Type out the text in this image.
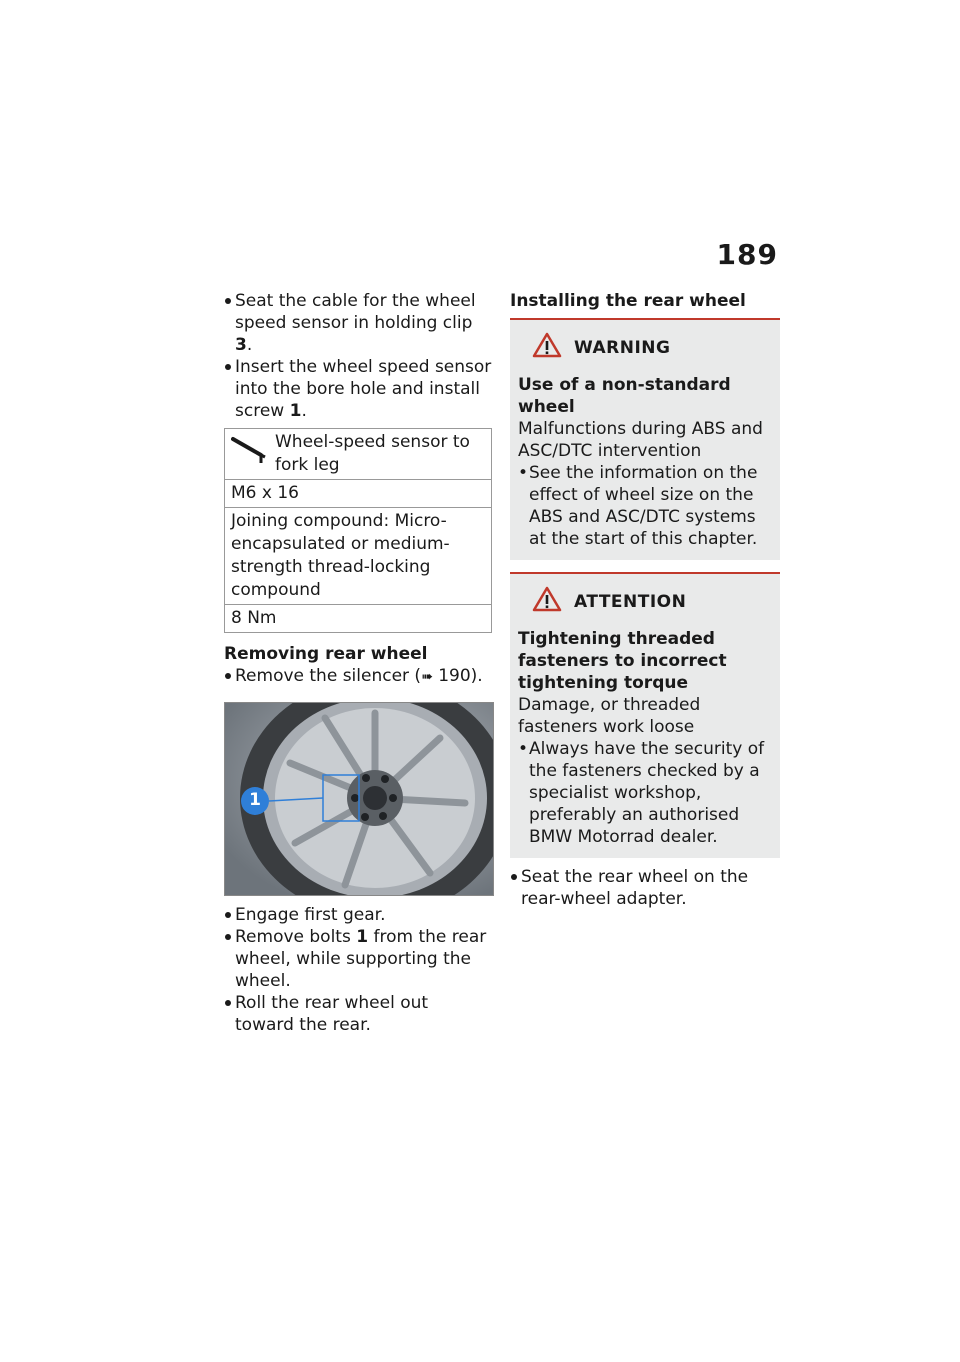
189
Seat the cable for the wheel speed sensor in holding clip 3.
Insert the wheel speed sensor into the bore hole and install screw 1.
Wheel-speed sensor to fork leg
M6 x 16
Joining compound: Micro-encapsulated or medium-strength thread-locking compound
8 Nm
Removing rear wheel
Remove the silencer (➠ 190).
1
Engage first gear.
Remove bolts 1 from the rear wheel, while supporting the wheel.
Roll the rear wheel out toward the rear.
Installing the rear wheel
WARNING
Use of a non-standard wheel
Malfunctions during ABS and ASC/DTC intervention
• See the information on the effect of wheel size on the ABS and ASC/DTC systems at the start of this chapter.
ATTENTION
Tightening threaded fasteners to incorrect tightening torque
Damage, or threaded fasteners work loose
• Always have the security of the fasteners checked by a specialist workshop, preferably an authorised BMW Motorrad dealer.
Seat the rear wheel on the rear-wheel adapter.
